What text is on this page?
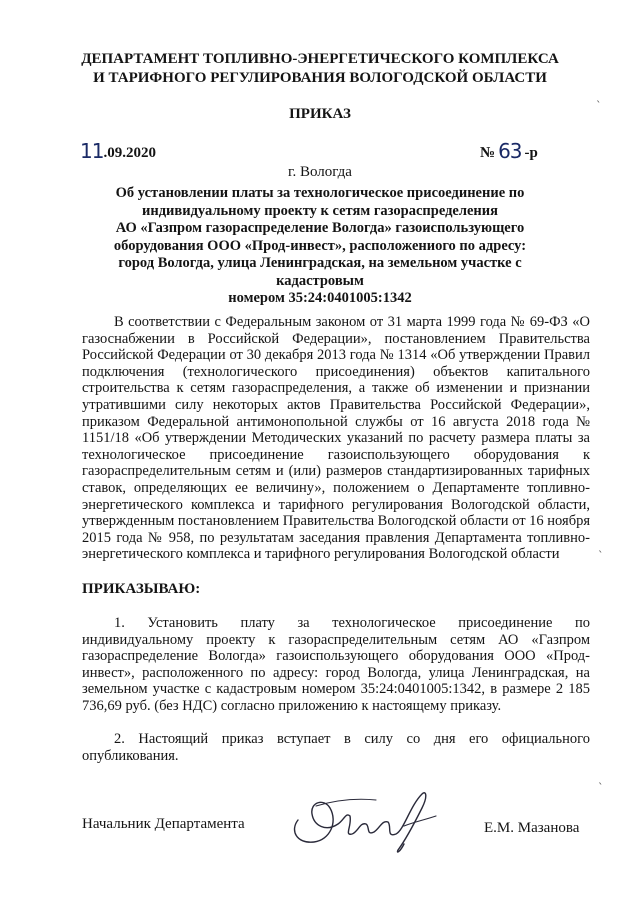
ДЕПАРТАМЕНТ ТОПЛИВНО-ЭНЕРГЕТИЧЕСКОГО КОМПЛЕКСА
И ТАРИФНОГО РЕГУЛИРОВАНИЯ ВОЛОГОДСКОЙ ОБЛАСТИ
ПРИКАЗ
11.09.2020	№ 63 -р
г. Вологда
Об установлении платы за технологическое присоединение по
индивидуальному проекту к сетям газораспределения
АО «Газпром газораспределение Вологда» газоиспользующего
оборудования ООО «Прод-инвест», расположениого по адресу:
город Вологда, улица Ленинградская, на земельном участке с кадастровым
номером 35:24:0401005:1342

В соответствии с Федеральным законом от 31 марта 1999 года № 69-ФЗ «О газоснабжении в Российской Федерации», постановлением Правительства Российской Федерации от 30 декабря 2013 года № 1314 «Об утверждении Правил подключения (технологического присоединения) объектов капитального строительства к сетям газораспределения, а также об изменении и признании утратившими силу некоторых актов Правительства Российской Федерации», приказом Федеральной антимонопольной службы от 16 августа 2018 года № 1151/18 «Об утверждении Методических указаний по расчету размера платы за технологическое присоединение газоиспользующего оборудования к газораспределительным сетям и (или) размеров стандартизированных тарифных ставок, определяющих ее величину», положением о Департаменте топливно-энергетического комплекса и тарифного регулирования Вологодской области, утвержденным постановлением Правительства Вологодской области от 16 ноября 2015 года № 958, по результатам заседания правления Департамента топливно-энергетического комплекса и тарифного регулирования Вологодской области

ПРИКАЗЫВАЮ:

1. Установить плату за технологическое присоединение по индивидуальному проекту к газораспределительным сетям АО «Газпром газораспределение Вологда» газоиспользующего оборудования ООО «Прод-инвест», расположенного по адресу: город Вологда, улица Ленинградская, на земельном участке с кадастровым номером 35:24:0401005:1342, в размере 2 185 736,69 руб. (без НДС) согласно приложению к настоящему приказу.

2. Настоящий приказ вступает в силу со дня его официального опубликования.

Начальник Департамента	Е.М. Мазанова
ˎ
ˎ
ˎ
